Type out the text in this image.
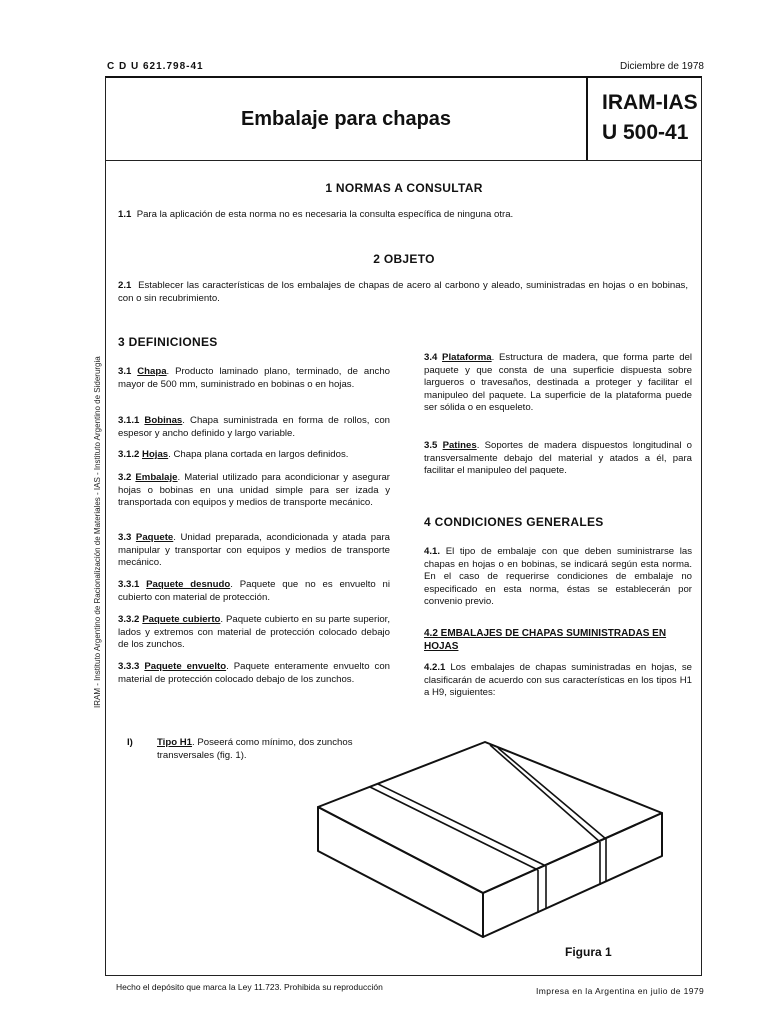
C D U 621.798-41	Diciembre de 1978
IRAM - Instituto Argentino de Racionalización de Materiales - IAS - Instituto Argentino de Siderurgia
Embalaje para chapas
IRAM-IAS
U 500-41
1 NORMAS A CONSULTAR
1.1 Para la aplicación de esta norma no es necesaria la consulta específica de ninguna otra.
2 OBJETO
2.1 Establecer las características de los embalajes de chapas de acero al carbono y aleado, suministradas en hojas o en bobinas, con o sin recubrimiento.
3 DEFINICIONES
3.1 Chapa. Producto laminado plano, terminado, de ancho mayor de 500 mm, suministrado en bobinas o en hojas.
3.1.1 Bobinas. Chapa suministrada en forma de rollos, con espesor y ancho definido y largo variable.
3.1.2 Hojas. Chapa plana cortada en largos definidos.
3.2 Embalaje. Material utilizado para acondicionar y asegurar hojas o bobinas en una unidad simple para ser izada y transportada con equipos y medios de transporte mecánico.
3.3 Paquete. Unidad preparada, acondicionada y atada para manipular y transportar con equipos y medios de transporte mecánico.
3.3.1 Paquete desnudo. Paquete que no es envuelto ni cubierto con material de protección.
3.3.2 Paquete cubierto. Paquete cubierto en su parte superior, lados y extremos con material de protección colocado debajo de los zunchos.
3.3.3 Paquete envuelto. Paquete enteramente envuelto con material de protección colocado debajo de los zunchos.
3.4 Plataforma. Estructura de madera, que forma parte del paquete y que consta de una superficie dispuesta sobre largueros o travesaños, destinada a proteger y facilitar el manipuleo del paquete. La superficie de la plataforma puede ser sólida o en esqueleto.
3.5 Patines. Soportes de madera dispuestos longitudinal o transversalmente debajo del material y atados a él, para facilitar el manipuleo del paquete.
4 CONDICIONES GENERALES
4.1. El tipo de embalaje con que deben suministrarse las chapas en hojas o en bobinas, se indicará según esta norma. En el caso de requerirse condiciones de embalaje no especificado en esta norma, éstas se establecerán por convenio previo.
4.2 EMBALAJES DE CHAPAS SUMINISTRADAS EN HOJAS
4.2.1 Los embalajes de chapas suministradas en hojas, se clasificarán de acuerdo con sus características en los tipos H1 a H9, siguientes:
I)	Tipo H1. Poseerá como mínimo, dos zunchos transversales (fig. 1).
Figura 1
Hecho el depósito que marca la Ley 11.723. Prohibida su reproducción	Impresa en la Argentina en julio de 1979
